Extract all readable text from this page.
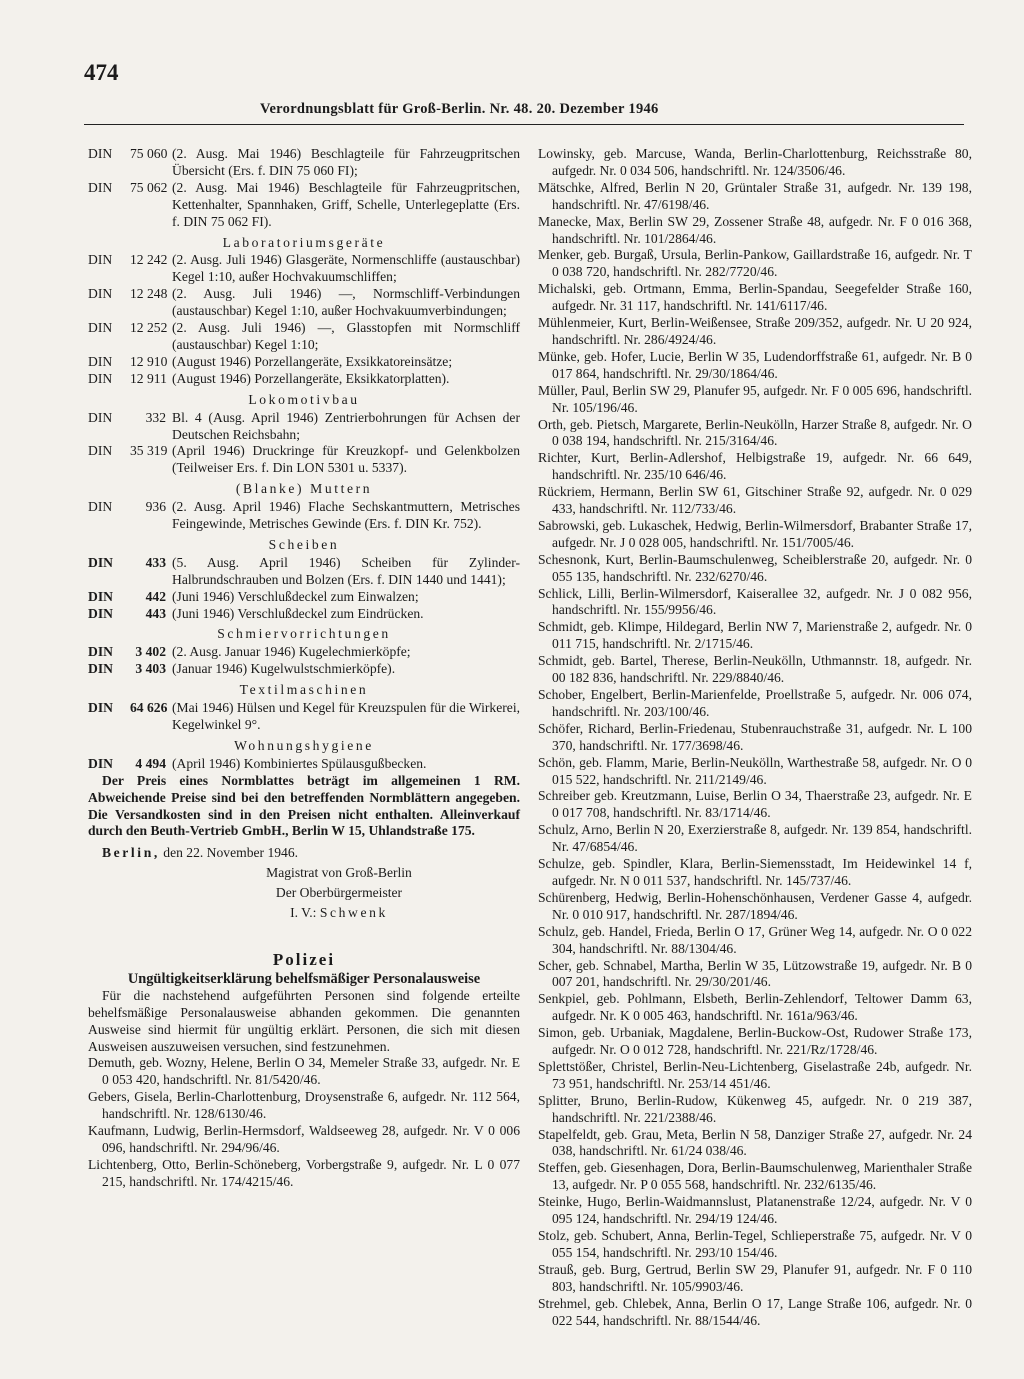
474
Verordnungsblatt für Groß-Berlin. Nr. 48. 20. Dezember 1946
DIN 75 060 (2. Ausg. Mai 1946) Beschlagteile für Fahrzeugpritschen Übersicht (Ers. f. DIN 75 060 FI);
DIN 75 062 (2. Ausg. Mai 1946) Beschlagteile für Fahrzeugpritschen, Kettenhalter, Spannhaken, Griff, Schelle, Unterlegeplatte (Ers. f. DIN 75 062 FI).
Laboratoriumsgeräte
DIN 12 242 (2. Ausg. Juli 1946) Glasgeräte, Normenschliffe (austauschbar) Kegel 1:10, außer Hochvakuumschliffen;
DIN 12 248 (2. Ausg. Juli 1946) —, Normschliff-Verbindungen (austauschbar) Kegel 1:10, außer Hochvakuumverbindungen;
DIN 12 252 (2. Ausg. Juli 1946) —, Glasstopfen mit Normschliff (austauschbar) Kegel 1:10;
DIN 12 910 (August 1946) Porzellangeräte, Exsikkatoreinsätze;
DIN 12 911 (August 1946) Porzellangeräte, Eksikkatorplatten).
Lokomotivbau
DIN 332 Bl. 4 (Ausg. April 1946) Zentrierbohrungen für Achsen der Deutschen Reichsbahn;
DIN 35 319 (April 1946) Druckringe für Kreuzkopf- und Gelenkbolzen (Teilweiser Ers. f. Din LON 5301 u. 5337).
(Blanke) Muttern
DIN 936 (2. Ausg. April 1946) Flache Sechskantmuttern, Metrisches Feingewinde, Metrisches Gewinde (Ers. f. DIN Kr. 752).
Scheiben
DIN 433 (5. Ausg. April 1946) Scheiben für Zylinder-Halbrundschrauben und Bolzen (Ers. f. DIN 1440 und 1441);
DIN 442 (Juni 1946) Verschlußdeckel zum Einwalzen;
DIN 443 (Juni 1946) Verschlußdeckel zum Eindrücken.
Schmiervorrichtungen
DIN 3 402 (2. Ausg. Januar 1946) Kugelechmierköpfe;
DIN 3 403 (Januar 1946) Kugelwulstschmierköpfe).
Textilmaschinen
DIN 64 626 (Mai 1946) Hülsen und Kegel für Kreuzspulen für die Wirkerei, Kegelwinkel 9°.
Wohnungshygiene
DIN 4 494 (April 1946) Kombiniertes Spülausgußbecken.
Der Preis eines Normblattes beträgt im allgemeinen 1 RM. Abweichende Preise sind bei den betreffenden Normblättern angegeben. Die Versandkosten sind in den Preisen nicht enthalten. Alleinverkauf durch den Beuth-Vertrieb GmbH., Berlin W 15, Uhlandstraße 175.
Berlin, den 22. November 1946.
Magistrat von Groß-Berlin
Der Oberbürgermeister
I. V.: Schwenk
Polizei
Ungültigkeitserklärung behelfsmäßiger Personalausweise
Für die nachstehend aufgeführten Personen sind folgende erteilte behelfsmäßige Personalausweise abhanden gekommen. Die genannten Ausweise sind hiermit für ungültig erklärt. Personen, die sich mit diesen Ausweisen auszuweisen versuchen, sind festzunehmen.
Demuth, geb. Wozny, Helene, Berlin O 34, Memeler Straße 33, aufgedr. Nr. E 0 053 420, handschriftl. Nr. 81/5420/46.
Gebers, Gisela, Berlin-Charlottenburg, Droysenstraße 6, aufgedr. Nr. 112 564, handschriftl. Nr. 128/6130/46.
Kaufmann, Ludwig, Berlin-Hermsdorf, Waldseeweg 28, aufgedr. Nr. V 0 006 096, handschriftl. Nr. 294/96/46.
Lichtenberg, Otto, Berlin-Schöneberg, Vorbergstraße 9, aufgedr. Nr. L 0 077 215, handschriftl. Nr. 174/4215/46.
Lowinsky, geb. Marcuse, Wanda, Berlin-Charlottenburg, Reichsstraße 80, aufgedr. Nr. 0 034 506, handschriftl. Nr. 124/3506/46.
Mätschke, Alfred, Berlin N 20, Grüntaler Straße 31, aufgedr. Nr. 139 198, handschriftl. Nr. 47/6198/46.
Manecke, Max, Berlin SW 29, Zossener Straße 48, aufgedr. Nr. F 0 016 368, handschriftl. Nr. 101/2864/46.
Menker, geb. Burgaß, Ursula, Berlin-Pankow, Gaillardstraße 16, aufgedr. Nr. T 0 038 720, handschriftl. Nr. 282/7720/46.
Michalski, geb. Ortmann, Emma, Berlin-Spandau, Seegefelder Straße 160, aufgedr. Nr. 31 117, handschriftl. Nr. 141/6117/46.
Mühlenmeier, Kurt, Berlin-Weißensee, Straße 209/352, aufgedr. Nr. U 20 924, handschriftl. Nr. 286/4924/46.
Münke, geb. Hofer, Lucie, Berlin W 35, Ludendorffstraße 61, aufgedr. Nr. B 0 017 864, handschriftl. Nr. 29/30/1864/46.
Müller, Paul, Berlin SW 29, Planufer 95, aufgedr. Nr. F 0 005 696, handschriftl. Nr. 105/196/46.
Orth, geb. Pietsch, Margarete, Berlin-Neukölln, Harzer Straße 8, aufgedr. Nr. O 0 038 194, handschriftl. Nr. 215/3164/46.
Richter, Kurt, Berlin-Adlershof, Helbigstraße 19, aufgedr. Nr. 66 649, handschriftl. Nr. 235/10 646/46.
Rückriem, Hermann, Berlin SW 61, Gitschiner Straße 92, aufgedr. Nr. 0 029 433, handschriftl. Nr. 112/733/46.
Sabrowski, geb. Lukaschek, Hedwig, Berlin-Wilmersdorf, Brabanter Straße 17, aufgedr. Nr. J 0 028 005, handschriftl. Nr. 151/7005/46.
Schesnonk, Kurt, Berlin-Baumschulenweg, Scheiblerstraße 20, aufgedr. Nr. 0 055 135, handschriftl. Nr. 232/6270/46.
Schlick, Lilli, Berlin-Wilmersdorf, Kaiserallee 32, aufgedr. Nr. J 0 082 956, handschriftl. Nr. 155/9956/46.
Schmidt, geb. Klimpe, Hildegard, Berlin NW 7, Marienstraße 2, aufgedr. Nr. 0 011 715, handschriftl. Nr. 2/1715/46.
Schmidt, geb. Bartel, Therese, Berlin-Neukölln, Uthmannstr. 18, aufgedr. Nr. 00 182 836, handschriftl. Nr. 229/8840/46.
Schober, Engelbert, Berlin-Marienfelde, Proellstraße 5, aufgedr. Nr. 006 074, handschriftl. Nr. 203/100/46.
Schöfer, Richard, Berlin-Friedenau, Stubenrauchstraße 31, aufgedr. Nr. L 100 370, handschriftl. Nr. 177/3698/46.
Schön, geb. Flamm, Marie, Berlin-Neukölln, Warthestraße 58, aufgedr. Nr. O 0 015 522, handschriftl. Nr. 211/2149/46.
Schreiber geb. Kreutzmann, Luise, Berlin O 34, Thaerstraße 23, aufgedr. Nr. E 0 017 708, handschriftl. Nr. 83/1714/46.
Schulz, Arno, Berlin N 20, Exerzierstraße 8, aufgedr. Nr. 139 854, handschriftl. Nr. 47/6854/46.
Schulze, geb. Spindler, Klara, Berlin-Siemensstadt, Im Heidewinkel 14 f, aufgedr. Nr. N 0 011 537, handschriftl. Nr. 145/737/46.
Schürenberg, Hedwig, Berlin-Hohenschönhausen, Verdener Gasse 4, aufgedr. Nr. 0 010 917, handschriftl. Nr. 287/1894/46.
Schulz, geb. Handel, Frieda, Berlin O 17, Grüner Weg 14, aufgedr. Nr. O 0 022 304, handschriftl. Nr. 88/1304/46.
Scher, geb. Schnabel, Martha, Berlin W 35, Lützowstraße 19, aufgedr. Nr. B 0 007 201, handschriftl. Nr. 29/30/201/46.
Senkpiel, geb. Pohlmann, Elsbeth, Berlin-Zehlendorf, Teltower Damm 63, aufgedr. Nr. K 0 005 463, handschriftl. Nr. 161a/963/46.
Simon, geb. Urbaniak, Magdalene, Berlin-Buckow-Ost, Rudower Straße 173, aufgedr. Nr. O 0 012 728, handschriftl. Nr. 221/Rz/1728/46.
Splettstößer, Christel, Berlin-Neu-Lichtenberg, Giselastraße 24b, aufgedr. Nr. 73 951, handschriftl. Nr. 253/14 451/46.
Splitter, Bruno, Berlin-Rudow, Kükenweg 45, aufgedr. Nr. 0 219 387, handschriftl. Nr. 221/2388/46.
Stapelfeldt, geb. Grau, Meta, Berlin N 58, Danziger Straße 27, aufgedr. Nr. 24 038, handschriftl. Nr. 61/24 038/46.
Steffen, geb. Giesenhagen, Dora, Berlin-Baumschulenweg, Marienthaler Straße 13, aufgedr. Nr. P 0 055 568, handschriftl. Nr. 232/6135/46.
Steinke, Hugo, Berlin-Waidmannslust, Platanenstraße 12/24, aufgedr. Nr. V 0 095 124, handschriftl. Nr. 294/19 124/46.
Stolz, geb. Schubert, Anna, Berlin-Tegel, Schlieperstraße 75, aufgedr. Nr. V 0 055 154, handschriftl. Nr. 293/10 154/46.
Strauß, geb. Burg, Gertrud, Berlin SW 29, Planufer 91, aufgedr. Nr. F 0 110 803, handschriftl. Nr. 105/9903/46.
Strehmel, geb. Chlebek, Anna, Berlin O 17, Lange Straße 106, aufgedr. Nr. 0 022 544, handschriftl. Nr. 88/1544/46.
